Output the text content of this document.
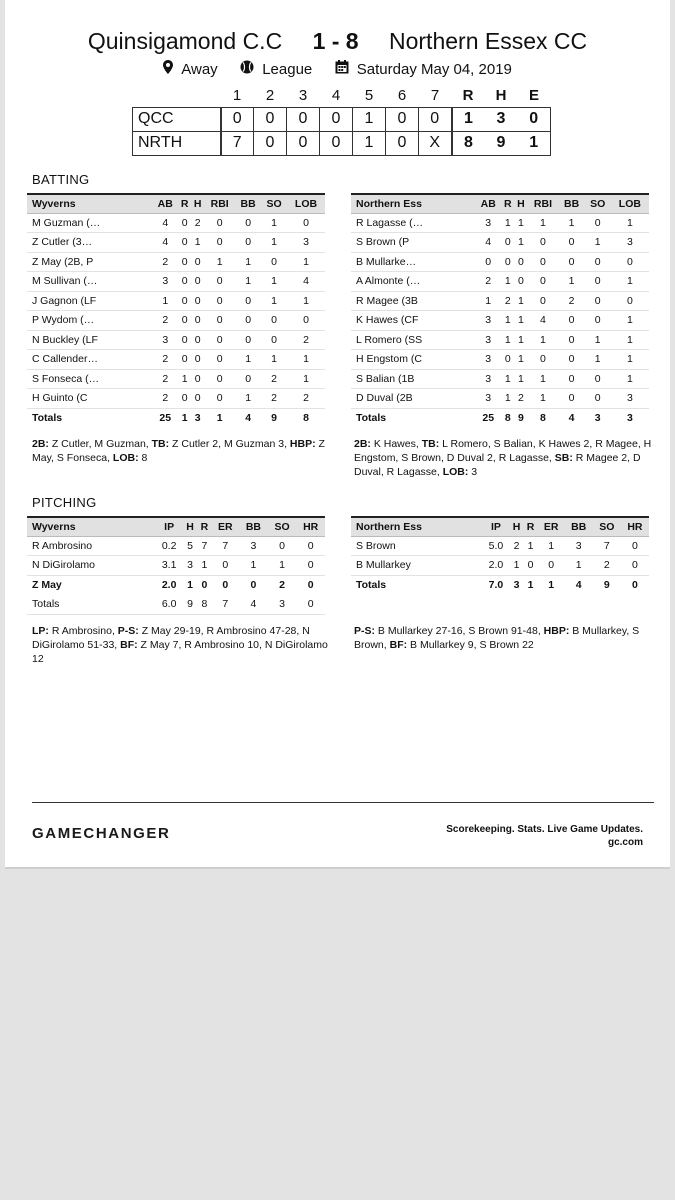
Quinsigamond C.C 1 - 8 Northern Essex CC
Away	League	Saturday May 04, 2019
	1	2	3	4	5	6	7	R	H	E
QCC	0	0	0	0	1	0	0	1	3	0
NRTH	7	0	0	0	1	0	X	8	9	1
BATTING
Wyverns	AB	R	H	RBI	BB	SO	LOB
M Guzman (…	4	0	2	0	0	1	0
Z Cutler (3…	4	0	1	0	0	1	3
Z May (2B, P	2	0	0	1	1	0	1
M Sullivan (…	3	0	0	0	1	1	4
J Gagnon (LF	1	0	0	0	0	1	1
P Wydom (…	2	0	0	0	0	0	0
N Buckley (LF	3	0	0	0	0	0	2
C Callender…	2	0	0	0	1	1	1
S Fonseca (…	2	1	0	0	0	2	1
H Guinto (C	2	0	0	0	1	2	2
Totals	25	1	3	1	4	9	8
Northern Ess	AB	R	H	RBI	BB	SO	LOB
R Lagasse (…	3	1	1	1	1	0	1
S Brown (P	4	0	1	0	0	1	3
B Mullarke…	0	0	0	0	0	0	0
A Almonte (…	2	1	0	0	1	0	1
R Magee (3B	1	2	1	0	2	0	0
K Hawes (CF	3	1	1	4	0	0	1
L Romero (SS	3	1	1	1	0	1	1
H Engstom (C	3	0	1	0	0	1	1
S Balian (1B	3	1	1	1	0	0	1
D Duval (2B	3	1	2	1	0	0	3
Totals	25	8	9	8	4	3	3
2B: Z Cutler, M Guzman, TB: Z Cutler 2, M Guzman 3, HBP: Z May, S Fonseca, LOB: 8
2B: K Hawes, TB: L Romero, S Balian, K Hawes 2, R Magee, H Engstom, S Brown, D Duval 2, R Lagasse, SB: R Magee 2, D Duval, R Lagasse, LOB: 3
PITCHING
Wyverns	IP	H	R	ER	BB	SO	HR
R Ambrosino	0.2	5	7	7	3	0	0
N DiGirolamo	3.1	3	1	0	1	1	0
Z May	2.0	1	0	0	0	2	0
Totals	6.0	9	8	7	4	3	0
Northern Ess	IP	H	R	ER	BB	SO	HR
S Brown	5.0	2	1	1	3	7	0
B Mullarkey	2.0	1	0	0	1	2	0
Totals	7.0	3	1	1	4	9	0
LP: R Ambrosino, P-S: Z May 29-19, R Ambrosino 47-28, N DiGirolamo 51-33, BF: Z May 7, R Ambrosino 10, N DiGirolamo 12
P-S: B Mullarkey 27-16, S Brown 91-48, HBP: B Mullarkey, S Brown, BF: B Mullarkey 9, S Brown 22
GAMECHANGER	Scorekeeping. Stats. Live Game Updates.
gc.com
